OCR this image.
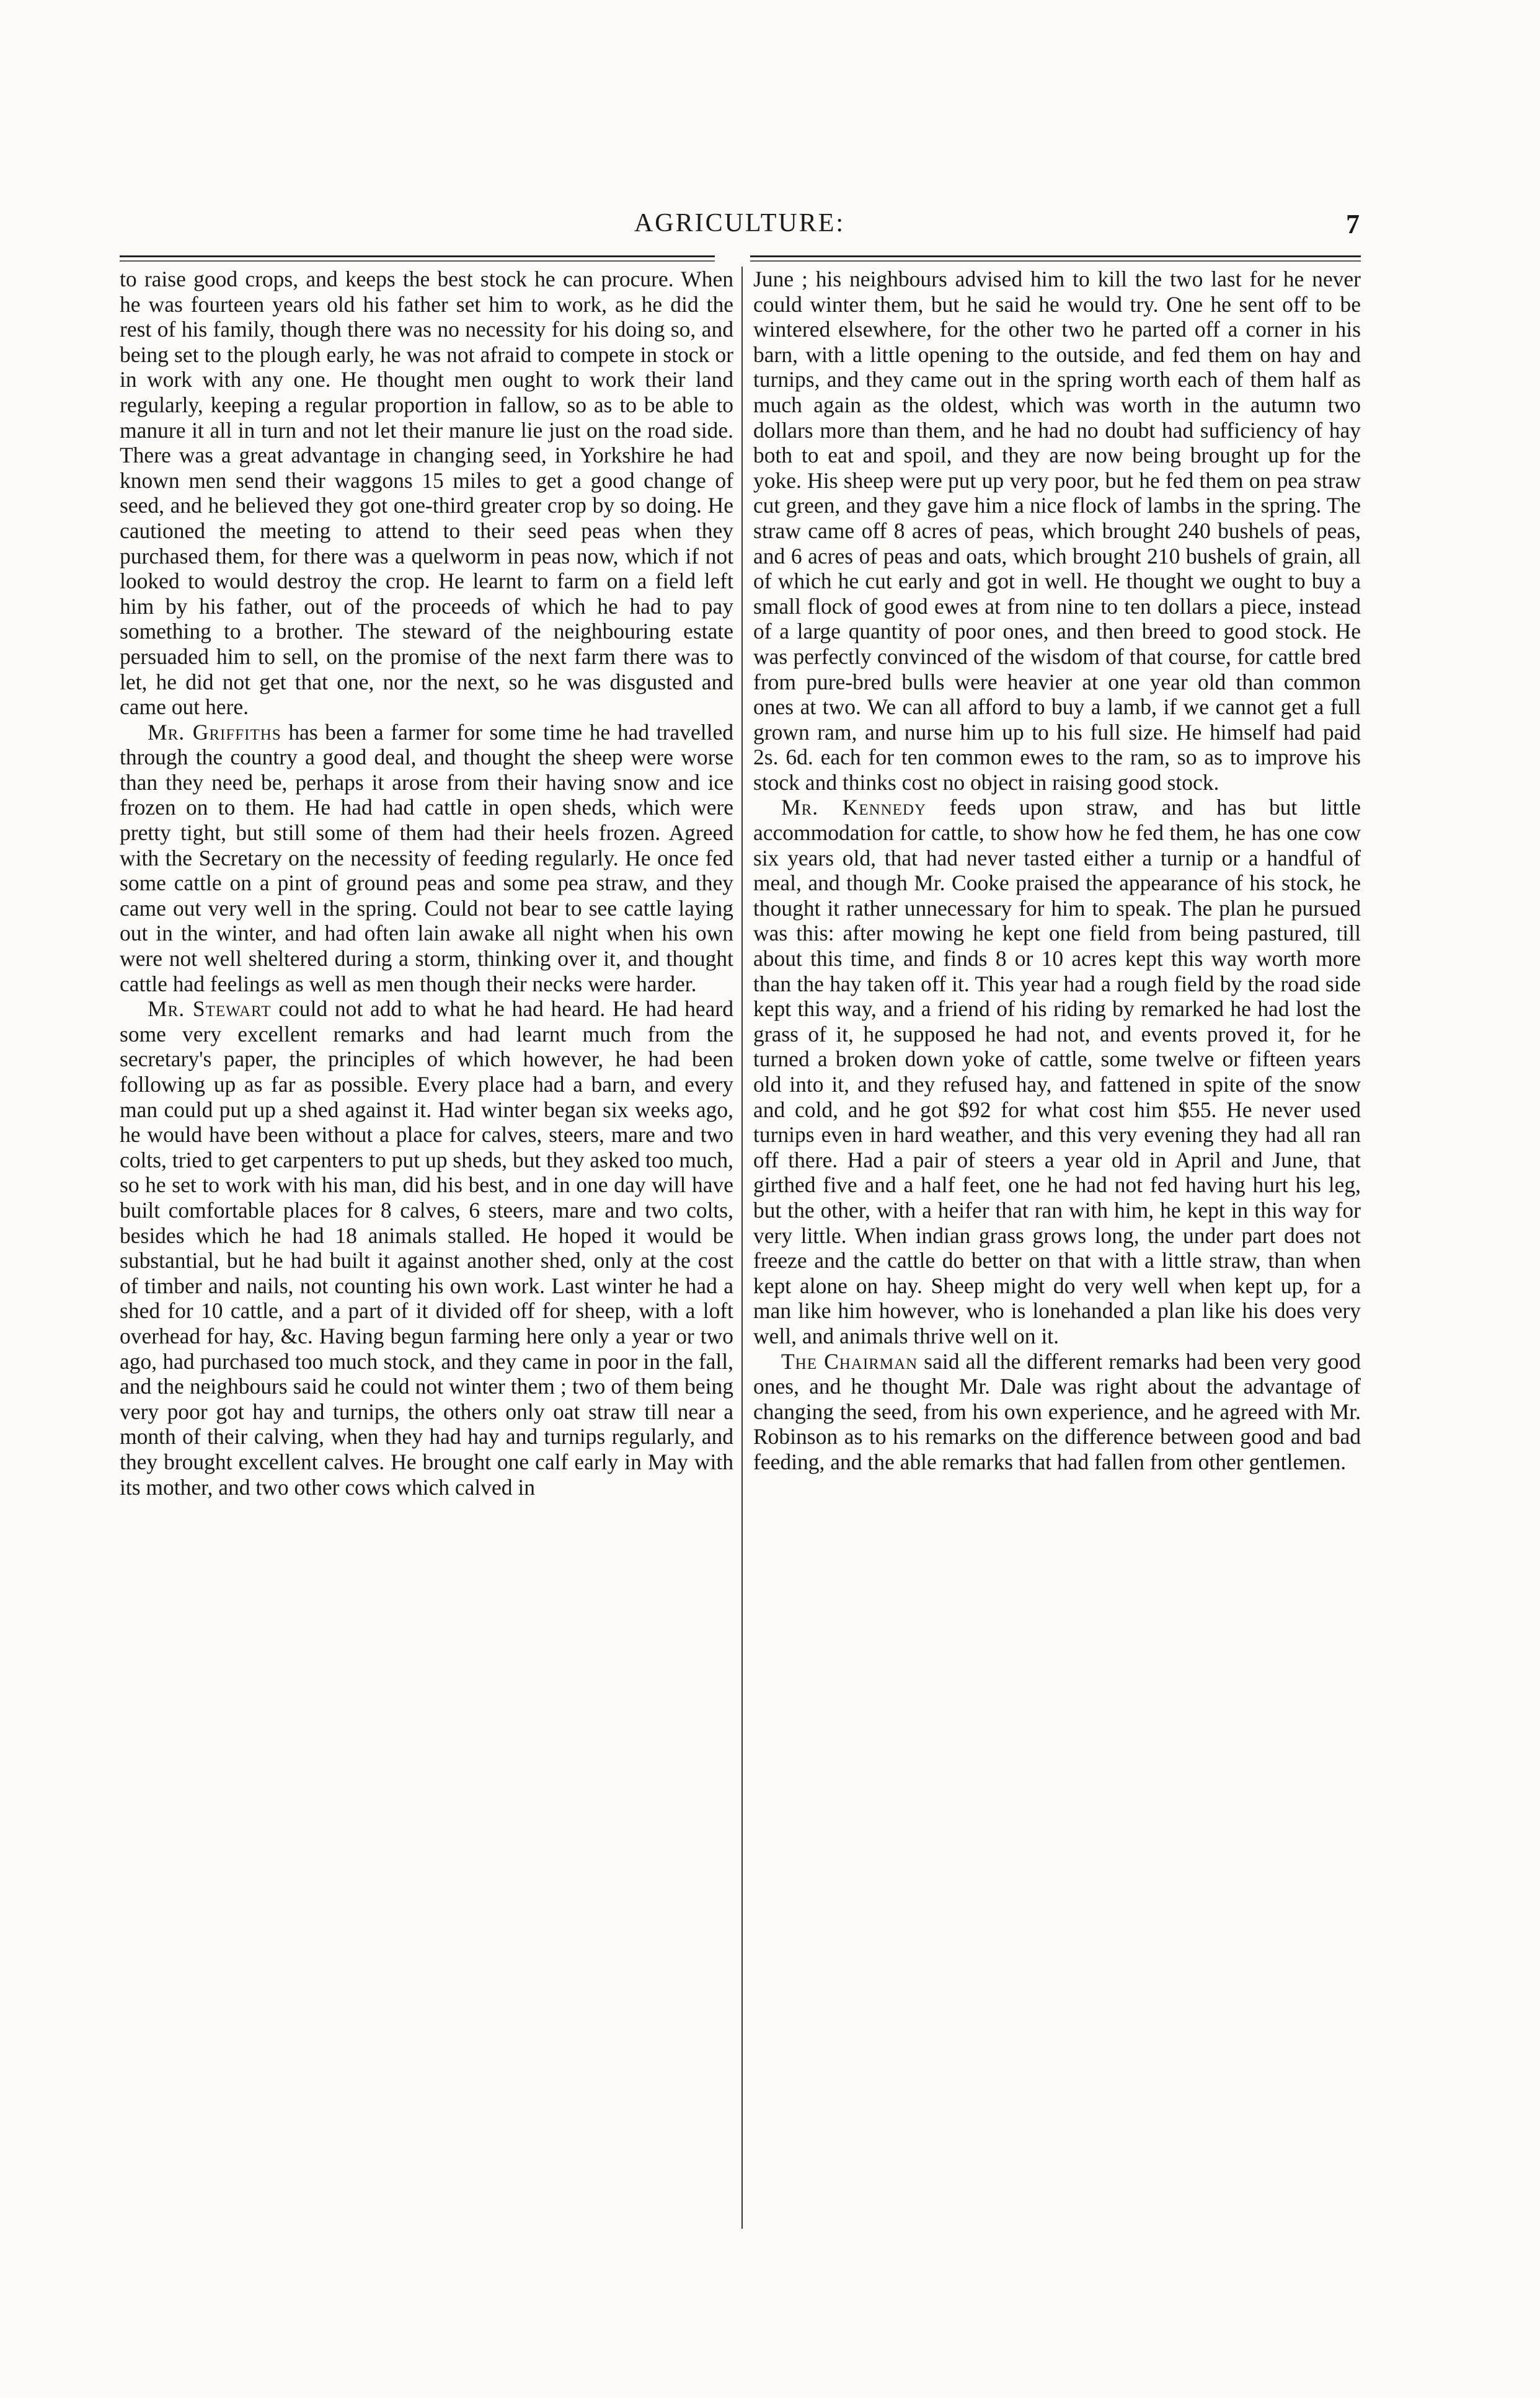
AGRICULTURE:	7

to raise good crops, and keeps the best stock he can procure. When he was fourteen years old his father set him to work, as he did the rest of his family, though there was no necessity for his doing so, and being set to the plough early, he was not afraid to compete in stock or in work with any one. He thought men ought to work their land regularly, keeping a regular proportion in fallow, so as to be able to manure it all in turn and not let their manure lie just on the road side. There was a great advantage in changing seed, in Yorkshire he had known men send their waggons 15 miles to get a good change of seed, and he believed they got one-third greater crop by so doing. He cautioned the meeting to attend to their seed peas when they purchased them, for there was a quelworm in peas now, which if not looked to would destroy the crop. He learnt to farm on a field left him by his father, out of the proceeds of which he had to pay something to a brother. The steward of the neighbouring estate persuaded him to sell, on the promise of the next farm there was to let, he did not get that one, nor the next, so he was disgusted and came out here.

Mr. Griffiths has been a farmer for some time he had travelled through the country a good deal, and thought the sheep were worse than they need be, perhaps it arose from their having snow and ice frozen on to them. He had had cattle in open sheds, which were pretty tight, but still some of them had their heels frozen. Agreed with the Secretary on the necessity of feeding regularly. He once fed some cattle on a pint of ground peas and some pea straw, and they came out very well in the spring. Could not bear to see cattle laying out in the winter, and had often lain awake all night when his own were not well sheltered during a storm, thinking over it, and thought cattle had feelings as well as men though their necks were harder.

Mr. Stewart could not add to what he had heard. He had heard some very excellent remarks and had learnt much from the secretary's paper, the principles of which however, he had been following up as far as possible. Every place had a barn, and every man could put up a shed against it. Had winter began six weeks ago, he would have been without a place for calves, steers, mare and two colts, tried to get carpenters to put up sheds, but they asked too much, so he set to work with his man, did his best, and in one day will have built comfortable places for 8 calves, 6 steers, mare and two colts, besides which he had 18 animals stalled. He hoped it would be substantial, but he had built it against another shed, only at the cost of timber and nails, not counting his own work. Last winter he had a shed for 10 cattle, and a part of it divided off for sheep, with a loft overhead for hay, &c. Having begun farming here only a year or two ago, had purchased too much stock, and they came in poor in the fall, and the neighbours said he could not winter them ; two of them being very poor got hay and turnips, the others only oat straw till near a month of their calving, when they had hay and turnips regularly, and they brought excellent calves. He brought one calf early in May with its mother, and two other cows which calved in

June ; his neighbours advised him to kill the two last for he never could winter them, but he said he would try. One he sent off to be wintered elsewhere, for the other two he parted off a corner in his barn, with a little opening to the outside, and fed them on hay and turnips, and they came out in the spring worth each of them half as much again as the oldest, which was worth in the autumn two dollars more than them, and he had no doubt had sufficiency of hay both to eat and spoil, and they are now being brought up for the yoke. His sheep were put up very poor, but he fed them on pea straw cut green, and they gave him a nice flock of lambs in the spring. The straw came off 8 acres of peas, which brought 240 bushels of peas, and 6 acres of peas and oats, which brought 210 bushels of grain, all of which he cut early and got in well. He thought we ought to buy a small flock of good ewes at from nine to ten dollars a piece, instead of a large quantity of poor ones, and then breed to good stock. He was perfectly convinced of the wisdom of that course, for cattle bred from pure-bred bulls were heavier at one year old than common ones at two. We can all afford to buy a lamb, if we cannot get a full grown ram, and nurse him up to his full size. He himself had paid 2s. 6d. each for ten common ewes to the ram, so as to improve his stock and thinks cost no object in raising good stock.

Mr. Kennedy feeds upon straw, and has but little accommodation for cattle, to show how he fed them, he has one cow six years old, that had never tasted either a turnip or a handful of meal, and though Mr. Cooke praised the appearance of his stock, he thought it rather unnecessary for him to speak. The plan he pursued was this: after mowing he kept one field from being pastured, till about this time, and finds 8 or 10 acres kept this way worth more than the hay taken off it. This year had a rough field by the road side kept this way, and a friend of his riding by remarked he had lost the grass of it, he supposed he had not, and events proved it, for he turned a broken down yoke of cattle, some twelve or fifteen years old into it, and they refused hay, and fattened in spite of the snow and cold, and he got $92 for what cost him $55. He never used turnips even in hard weather, and this very evening they had all ran off there. Had a pair of steers a year old in April and June, that girthed five and a half feet, one he had not fed having hurt his leg, but the other, with a heifer that ran with him, he kept in this way for very little. When indian grass grows long, the under part does not freeze and the cattle do better on that with a little straw, than when kept alone on hay. Sheep might do very well when kept up, for a man like him however, who is lonehanded a plan like his does very well, and animals thrive well on it.

The Chairman said all the different remarks had been very good ones, and he thought Mr. Dale was right about the advantage of changing the seed, from his own experience, and he agreed with Mr. Robinson as to his remarks on the difference between good and bad feeding, and the able remarks that had fallen from other gentlemen.
